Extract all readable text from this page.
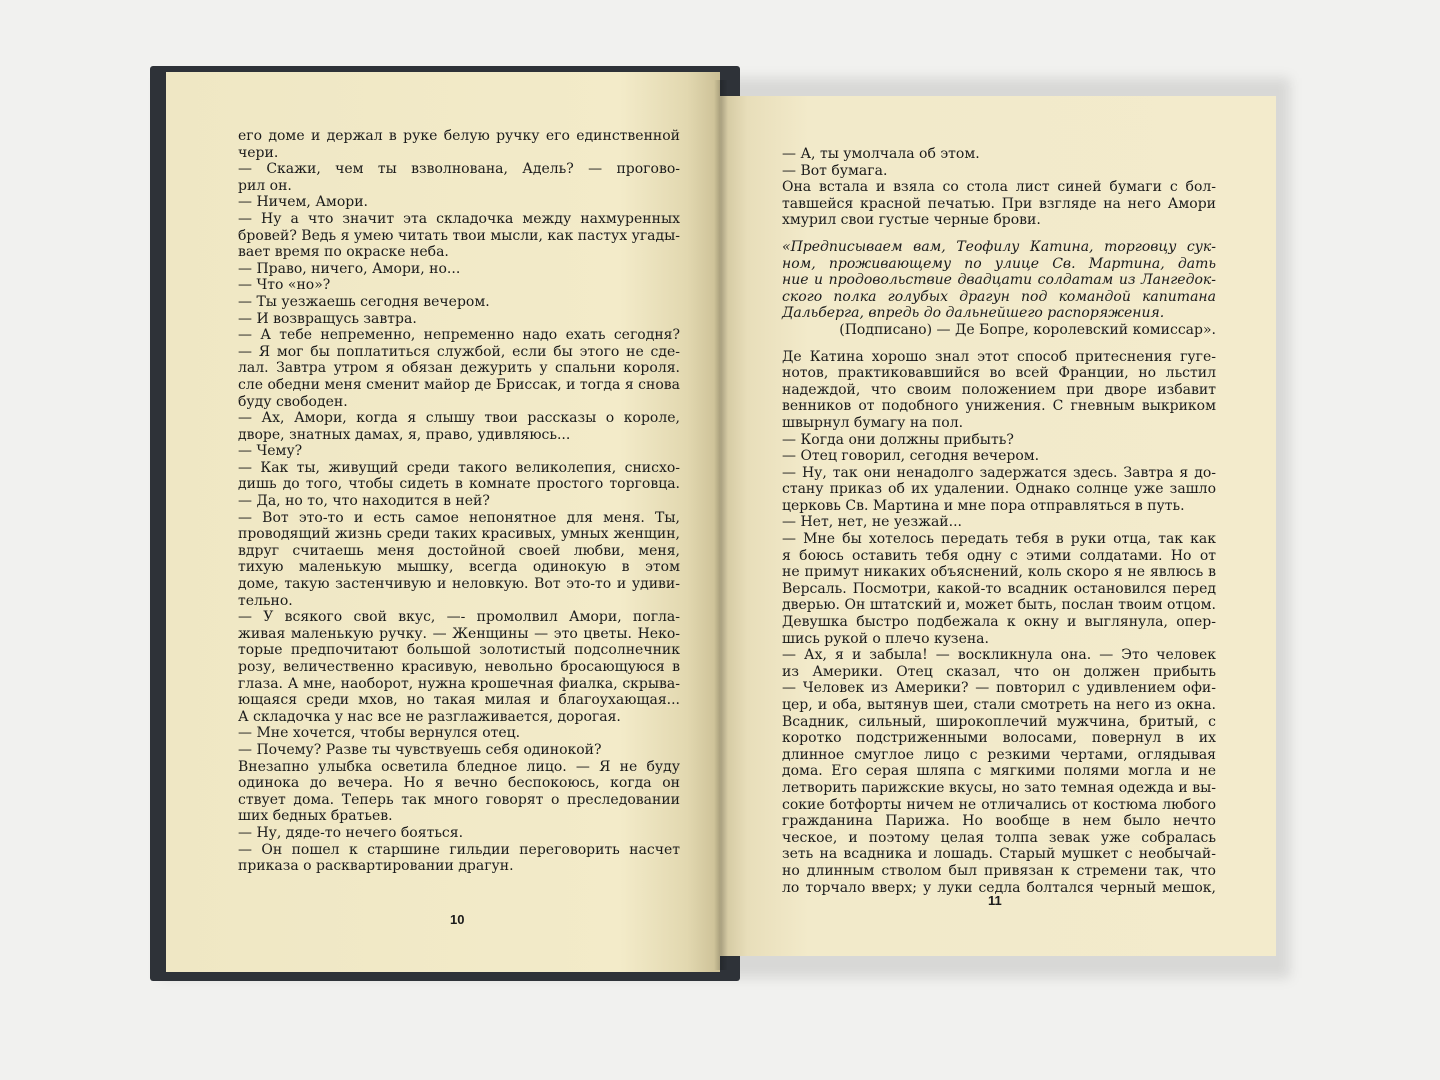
его доме и держал в руке белую ручку его единственной
чери.
— Скажи, чем ты взволнована, Адель? — прогово-
рил он.
— Ничем, Амори.
— Ну а что значит эта складочка между нахмуренных
бровей? Ведь я умею читать твои мысли, как пастух угады-
вает время по окраске неба.
— Право, ничего, Амори, но...
— Что «но»?
— Ты уезжаешь сегодня вечером.
— И возвращусь завтра.
— А тебе непременно, непременно надо ехать сегодня?
— Я мог бы поплатиться службой, если бы этого не сде-
лал. Завтра утром я обязан дежурить у спальни короля.
сле обедни меня сменит майор де Бриссак, и тогда я снова
буду свободен.
— Ах, Амори, когда я слышу твои рассказы о короле,
дворе, знатных дамах, я, право, удивляюсь...
— Чему?
— Как ты, живущий среди такого великолепия, снисхо-
дишь до того, чтобы сидеть в комнате простого торговца.
— Да, но то, что находится в ней?
— Вот это-то и есть самое непонятное для меня. Ты,
проводящий жизнь среди таких красивых, умных женщин,
вдруг считаешь меня достойной своей любви, меня,
тихую маленькую мышку, всегда одинокую в этом
доме, такую застенчивую и неловкую. Вот это-то и удиви-
тельно.
— У всякого свой вкус, —- промолвил Амори, погла-
живая маленькую ручку. — Женщины — это цветы. Неко-
торые предпочитают большой золотистый подсолнечник
розу, величественно красивую, невольно бросающуюся в
глаза. А мне, наоборот, нужна крошечная фиалка, скрыва-
ющаяся среди мхов, но такая милая и благоухающая...
А складочка у нас все не разглаживается, дорогая.
— Мне хочется, чтобы вернулся отец.
— Почему? Разве ты чувствуешь себя одинокой?
Внезапно улыбка осветила бледное лицо. — Я не буду
одинока до вечера. Но я вечно беспокоюсь, когда он
ствует дома. Теперь так много говорят о преследовании
ших бедных братьев.
— Ну, дяде-то нечего бояться.
— Он пошел к старшине гильдии переговорить насчет
приказа о расквартировании драгун.
10
— А, ты умолчала об этом.
— Вот бумага.
Она встала и взяла со стола лист синей бумаги с бол-
тавшейся красной печатью. При взгляде на него Амори
хмурил свои густые черные брови.
«Предписываем вам, Теофилу Катина, торговцу сук-
ном, проживающему по улице Св. Мартина, дать
ние и продовольствие двадцати солдатам из Лангедок-
ского полка голубых драгун под командой капитана
Дальберга, впредь до дальнейшего распоряжения.
(Подписано) — Де Бопре, королевский комиссар».
Де Катина хорошо знал этот способ притеснения гуге-
нотов, практиковавшийся во всей Франции, но льстил
надеждой, что своим положением при дворе избавит
венников от подобного унижения. С гневным выкриком
швырнул бумагу на пол.
— Когда они должны прибыть?
— Отец говорил, сегодня вечером.
— Ну, так они ненадолго задержатся здесь. Завтра я до-
стану приказ об их удалении. Однако солнце уже зашло
церковь Св. Мартина и мне пора отправляться в путь.
— Нет, нет, не уезжай...
— Мне бы хотелось передать тебя в руки отца, так как
я боюсь оставить тебя одну с этими солдатами. Но от
не примут никаких объяснений, коль скоро я не явлюсь в
Версаль. Посмотри, какой-то всадник остановился перед
дверью. Он штатский и, может быть, послан твоим отцом.
Девушка быстро подбежала к окну и выглянула, опер-
шись рукой о плечо кузена.
— Ах, я и забыла! — воскликнула она. — Это человек
из Америки. Отец сказал, что он должен прибыть
— Человек из Америки? — повторил с удивлением офи-
цер, и оба, вытянув шеи, стали смотреть на него из окна.
Всадник, сильный, широкоплечий мужчина, бритый, с
коротко подстриженными волосами, повернул в их
длинное смуглое лицо с резкими чертами, оглядывая
дома. Его серая шляпа с мягкими полями могла и не
летворить парижские вкусы, но зато темная одежда и вы-
сокие ботфорты ничем не отличались от костюма любого
гражданина Парижа. Но вообще в нем было нечто
ческое, и поэтому целая толпа зевак уже собралась
зеть на всадника и лошадь. Старый мушкет с необычай-
но длинным стволом был привязан к стремени так, что
ло торчало вверх; у луки седла болтался черный мешок,
11
